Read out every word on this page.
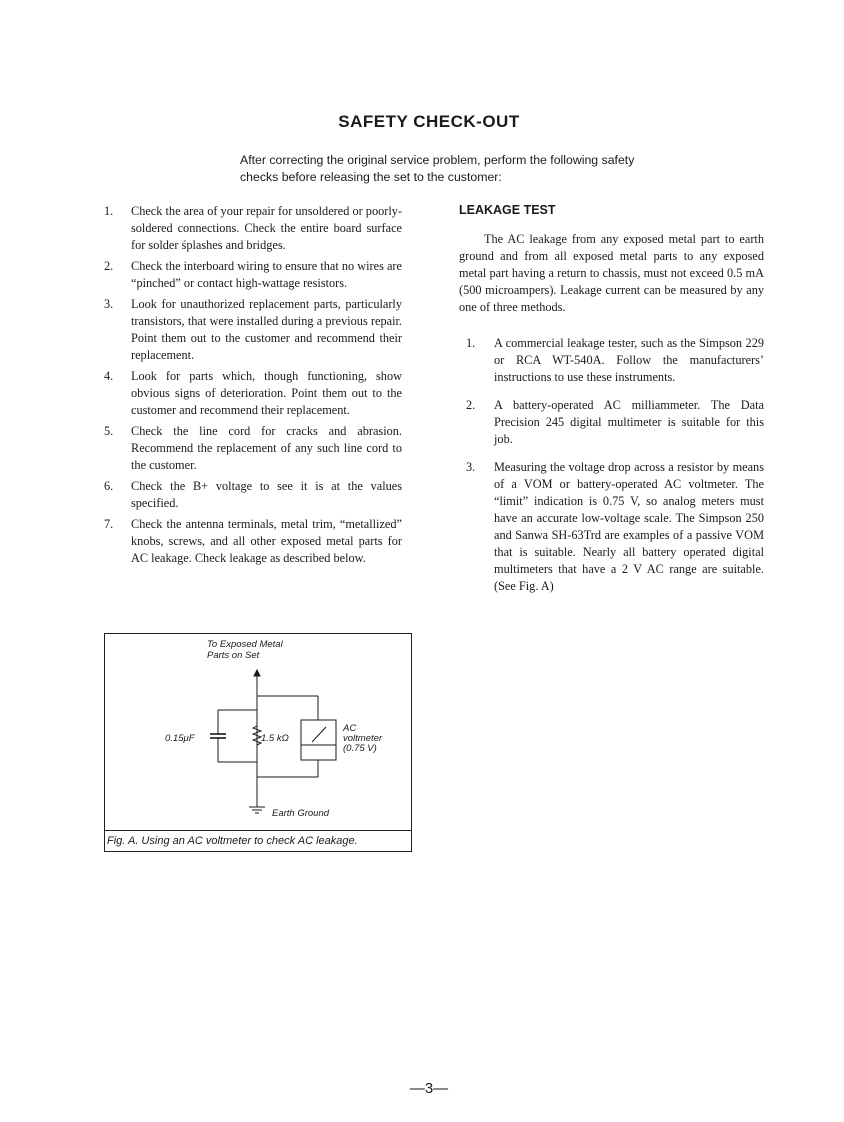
SAFETY CHECK-OUT
After correcting the original service problem, perform the following safety checks before releasing the set to the customer:
1. Check the area of your repair for unsoldered or poorly-soldered connections. Check the entire board surface for solder śplashes and bridges.
2. Check the interboard wiring to ensure that no wires are “pinched” or contact high-wattage resistors.
3. Look for unauthorized replacement parts, particularly transistors, that were installed during a previous repair. Point them out to the customer and recommend their replacement.
4. Look for parts which, though functioning, show obvious signs of deterioration. Point them out to the customer and recommend their replacement.
5. Check the line cord for cracks and abrasion. Recommend the replacement of any such line cord to the customer.
6. Check the B+ voltage to see it is at the values specified.
7. Check the antenna terminals, metal trim, “metallized” knobs, screws, and all other exposed metal parts for AC leakage. Check leakage as described below.
LEAKAGE TEST

The AC leakage from any exposed metal part to earth ground and from all exposed metal parts to any exposed metal part having a return to chassis, must not exceed 0.5 mA (500 microampers). Leakage current can be measured by any one of three methods.

1. A commercial leakage tester, such as the Simpson 229 or RCA WT-540A. Follow the manufacturers’ instructions to use these instruments.
2. A battery-operated AC milliammeter. The Data Precision 245 digital multimeter is suitable for this job.
3. Measuring the voltage drop across a resistor by means of a VOM or battery-operated AC voltmeter. The “limit” indication is 0.75 V, so analog meters must have an accurate low-voltage scale. The Simpson 250 and Sanwa SH-63Trd are examples of a passive VOM that is suitable. Nearly all battery operated digital multimeters that have a 2 V AC range are suitable. (See Fig. A)
To Exposed Metal
Parts on Set
0.15μF	1.5 kΩ
AC
voltmeter
(0.75 V)
Earth Ground
Fig. A. Using an AC voltmeter to check AC leakage.
—3—
